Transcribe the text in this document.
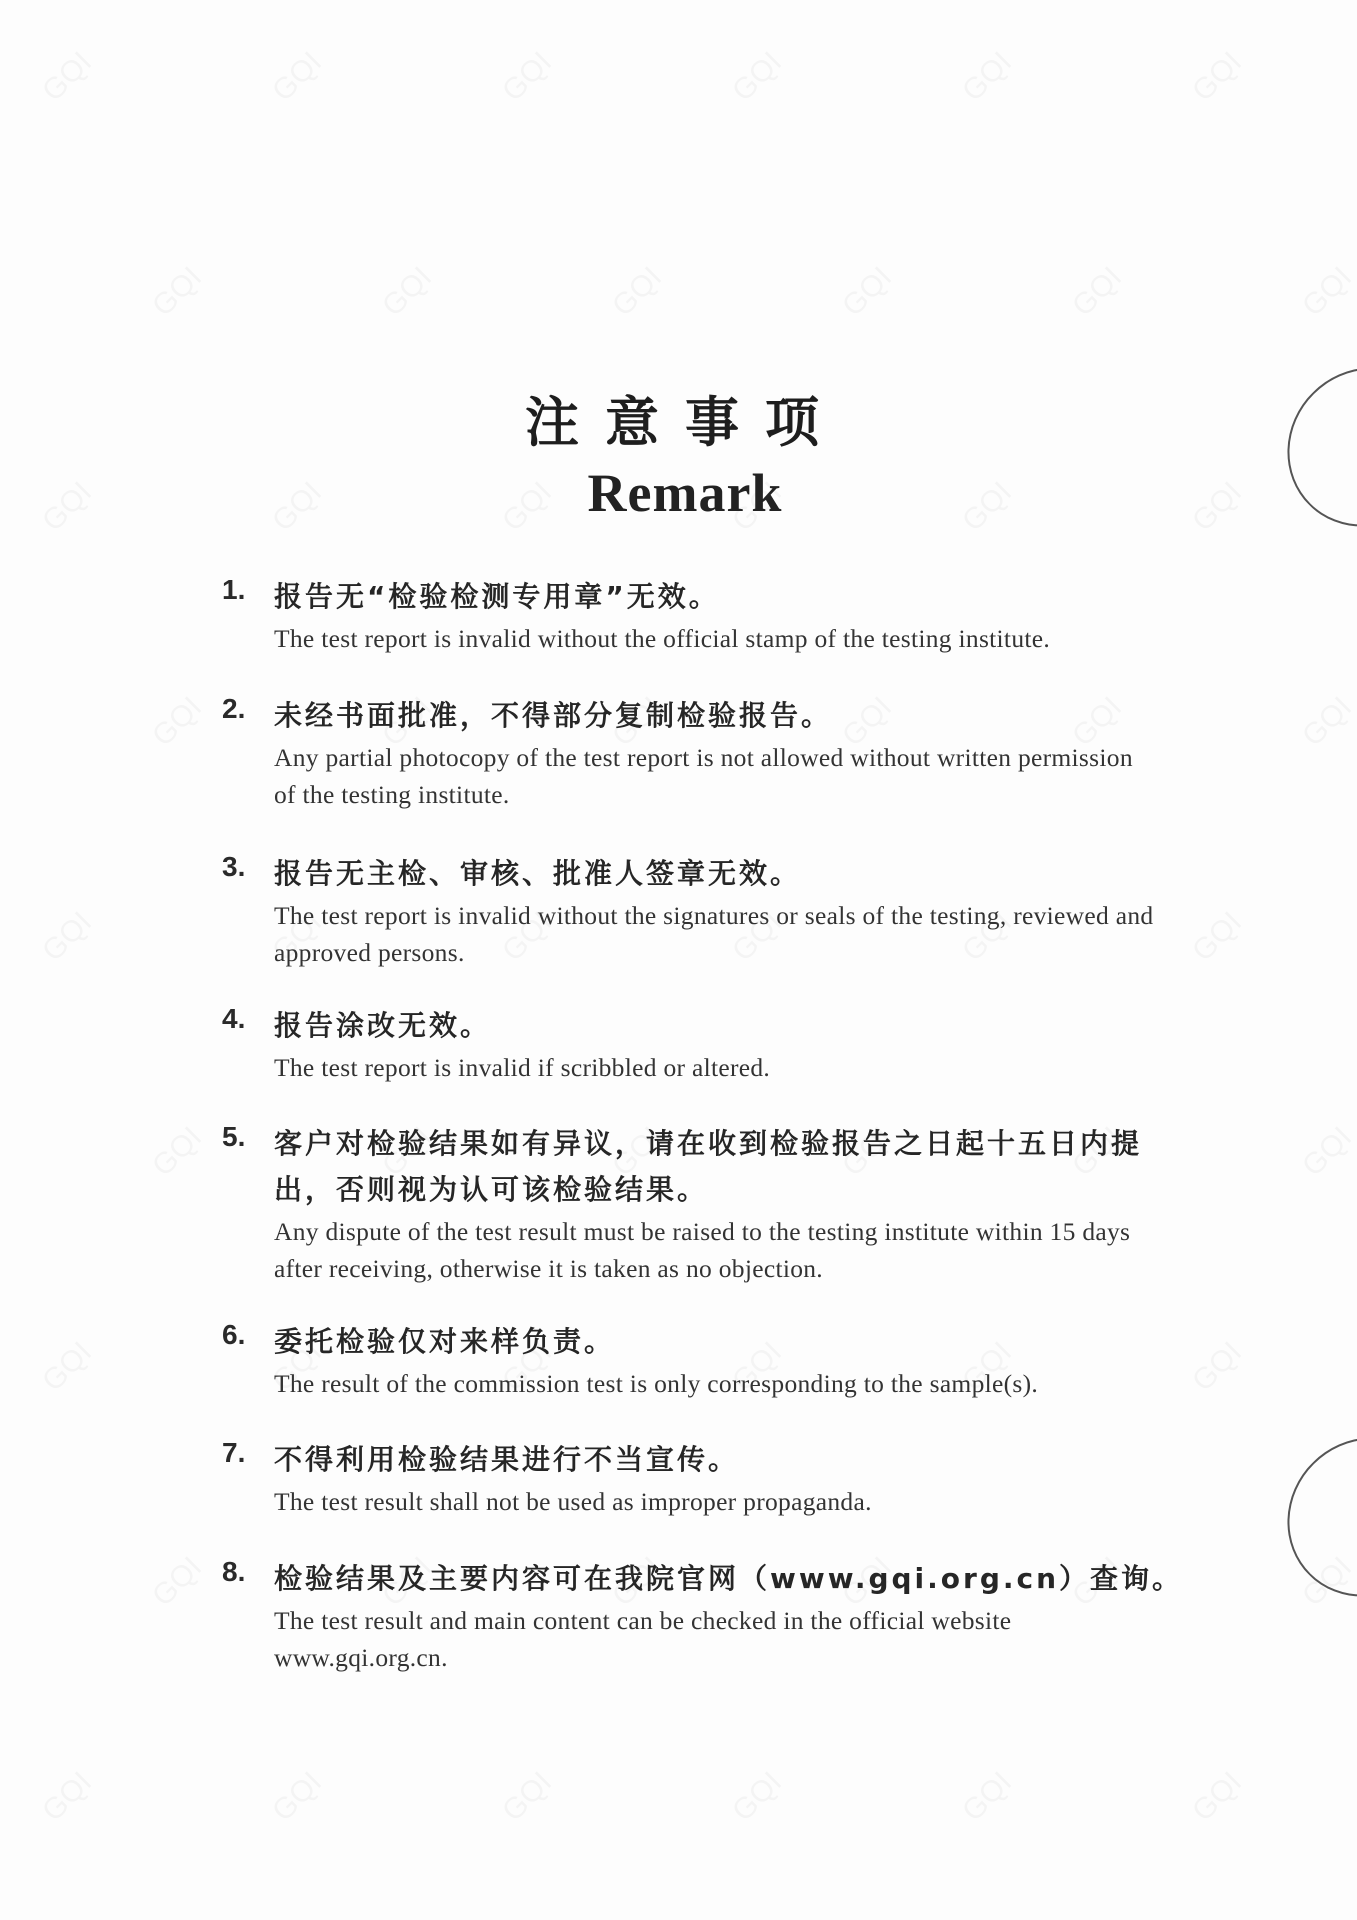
注意事项
Remark
1. 报告无“检验检测专用章”无效。
The test report is invalid without the official stamp of the testing institute.
2. 未经书面批准，不得部分复制检验报告。
Any partial photocopy of the test report is not allowed without written permission of the testing institute.
3. 报告无主检、审核、批准人签章无效。
The test report is invalid without the signatures or seals of the testing, reviewed and approved persons.
4. 报告涂改无效。
The test report is invalid if scribbled or altered.
5. 客户对检验结果如有异议，请在收到检验报告之日起十五日内提出，否则视为认可该检验结果。
Any dispute of the test result must be raised to the testing institute within 15 days after receiving, otherwise it is taken as no objection.
6. 委托检验仅对来样负责。
The result of the commission test is only corresponding to the sample(s).
7. 不得利用检验结果进行不当宣传。
The test result shall not be used as improper propaganda.
8. 检验结果及主要内容可在我院官网（www.gqi.org.cn）查询。
The test result and main content can be checked in the official website www.gqi.org.cn.
